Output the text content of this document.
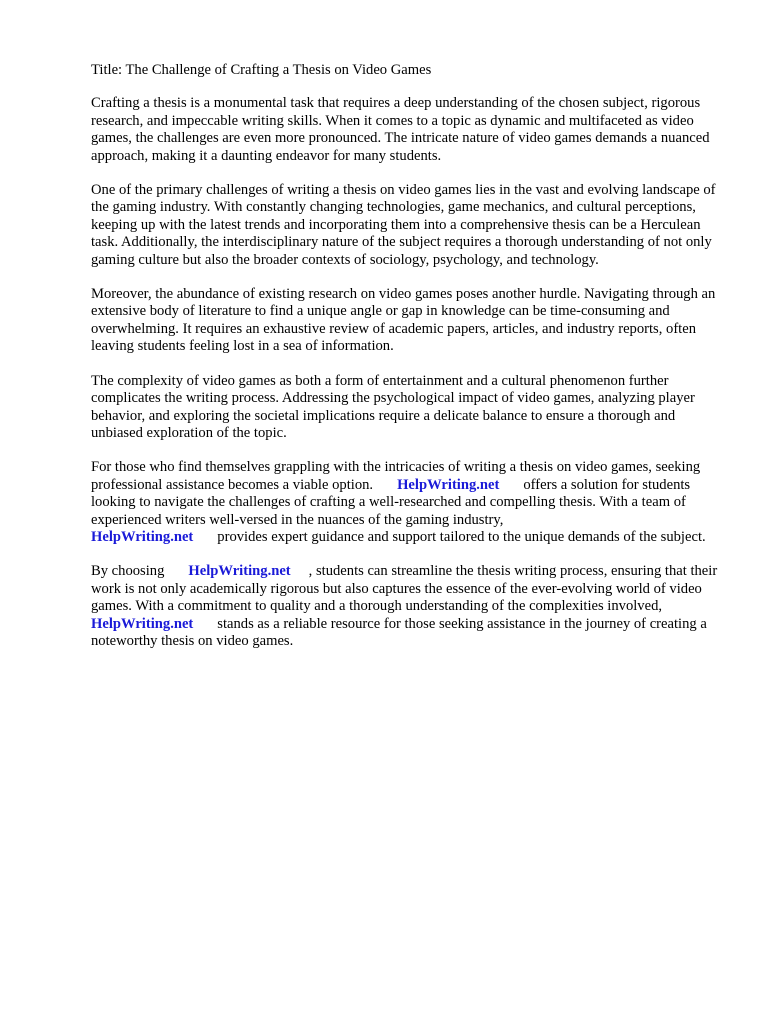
Title: The Challenge of Crafting a Thesis on Video Games

Crafting a thesis is a monumental task that requires a deep understanding of the chosen subject, rigorous research, and impeccable writing skills. When it comes to a topic as dynamic and multifaceted as video games, the challenges are even more pronounced. The intricate nature of video games demands a nuanced approach, making it a daunting endeavor for many students.

One of the primary challenges of writing a thesis on video games lies in the vast and evolving landscape of the gaming industry. With constantly changing technologies, game mechanics, and cultural perceptions, keeping up with the latest trends and incorporating them into a comprehensive thesis can be a Herculean task. Additionally, the interdisciplinary nature of the subject requires a thorough understanding of not only gaming culture but also the broader contexts of sociology, psychology, and technology.

Moreover, the abundance of existing research on video games poses another hurdle. Navigating through an extensive body of literature to find a unique angle or gap in knowledge can be time-consuming and overwhelming. It requires an exhaustive review of academic papers, articles, and industry reports, often leaving students feeling lost in a sea of information.

The complexity of video games as both a form of entertainment and a cultural phenomenon further complicates the writing process. Addressing the psychological impact of video games, analyzing player behavior, and exploring the societal implications require a delicate balance to ensure a thorough and unbiased exploration of the topic.

For those who find themselves grappling with the intricacies of writing a thesis on video games, seeking professional assistance becomes a viable option. HelpWriting.net offers a solution for students looking to navigate the challenges of crafting a well-researched and compelling thesis. With a team of experienced writers well-versed in the nuances of the gaming industry,
HelpWriting.net provides expert guidance and support tailored to the unique demands of the subject.

By choosing HelpWriting.net , students can streamline the thesis writing process, ensuring that their work is not only academically rigorous but also captures the essence of the ever-evolving world of video games. With a commitment to quality and a thorough understanding of the complexities involved,HelpWriting.net stands as a reliable resource for those seeking assistance in the journey of creating a noteworthy thesis on video games.
